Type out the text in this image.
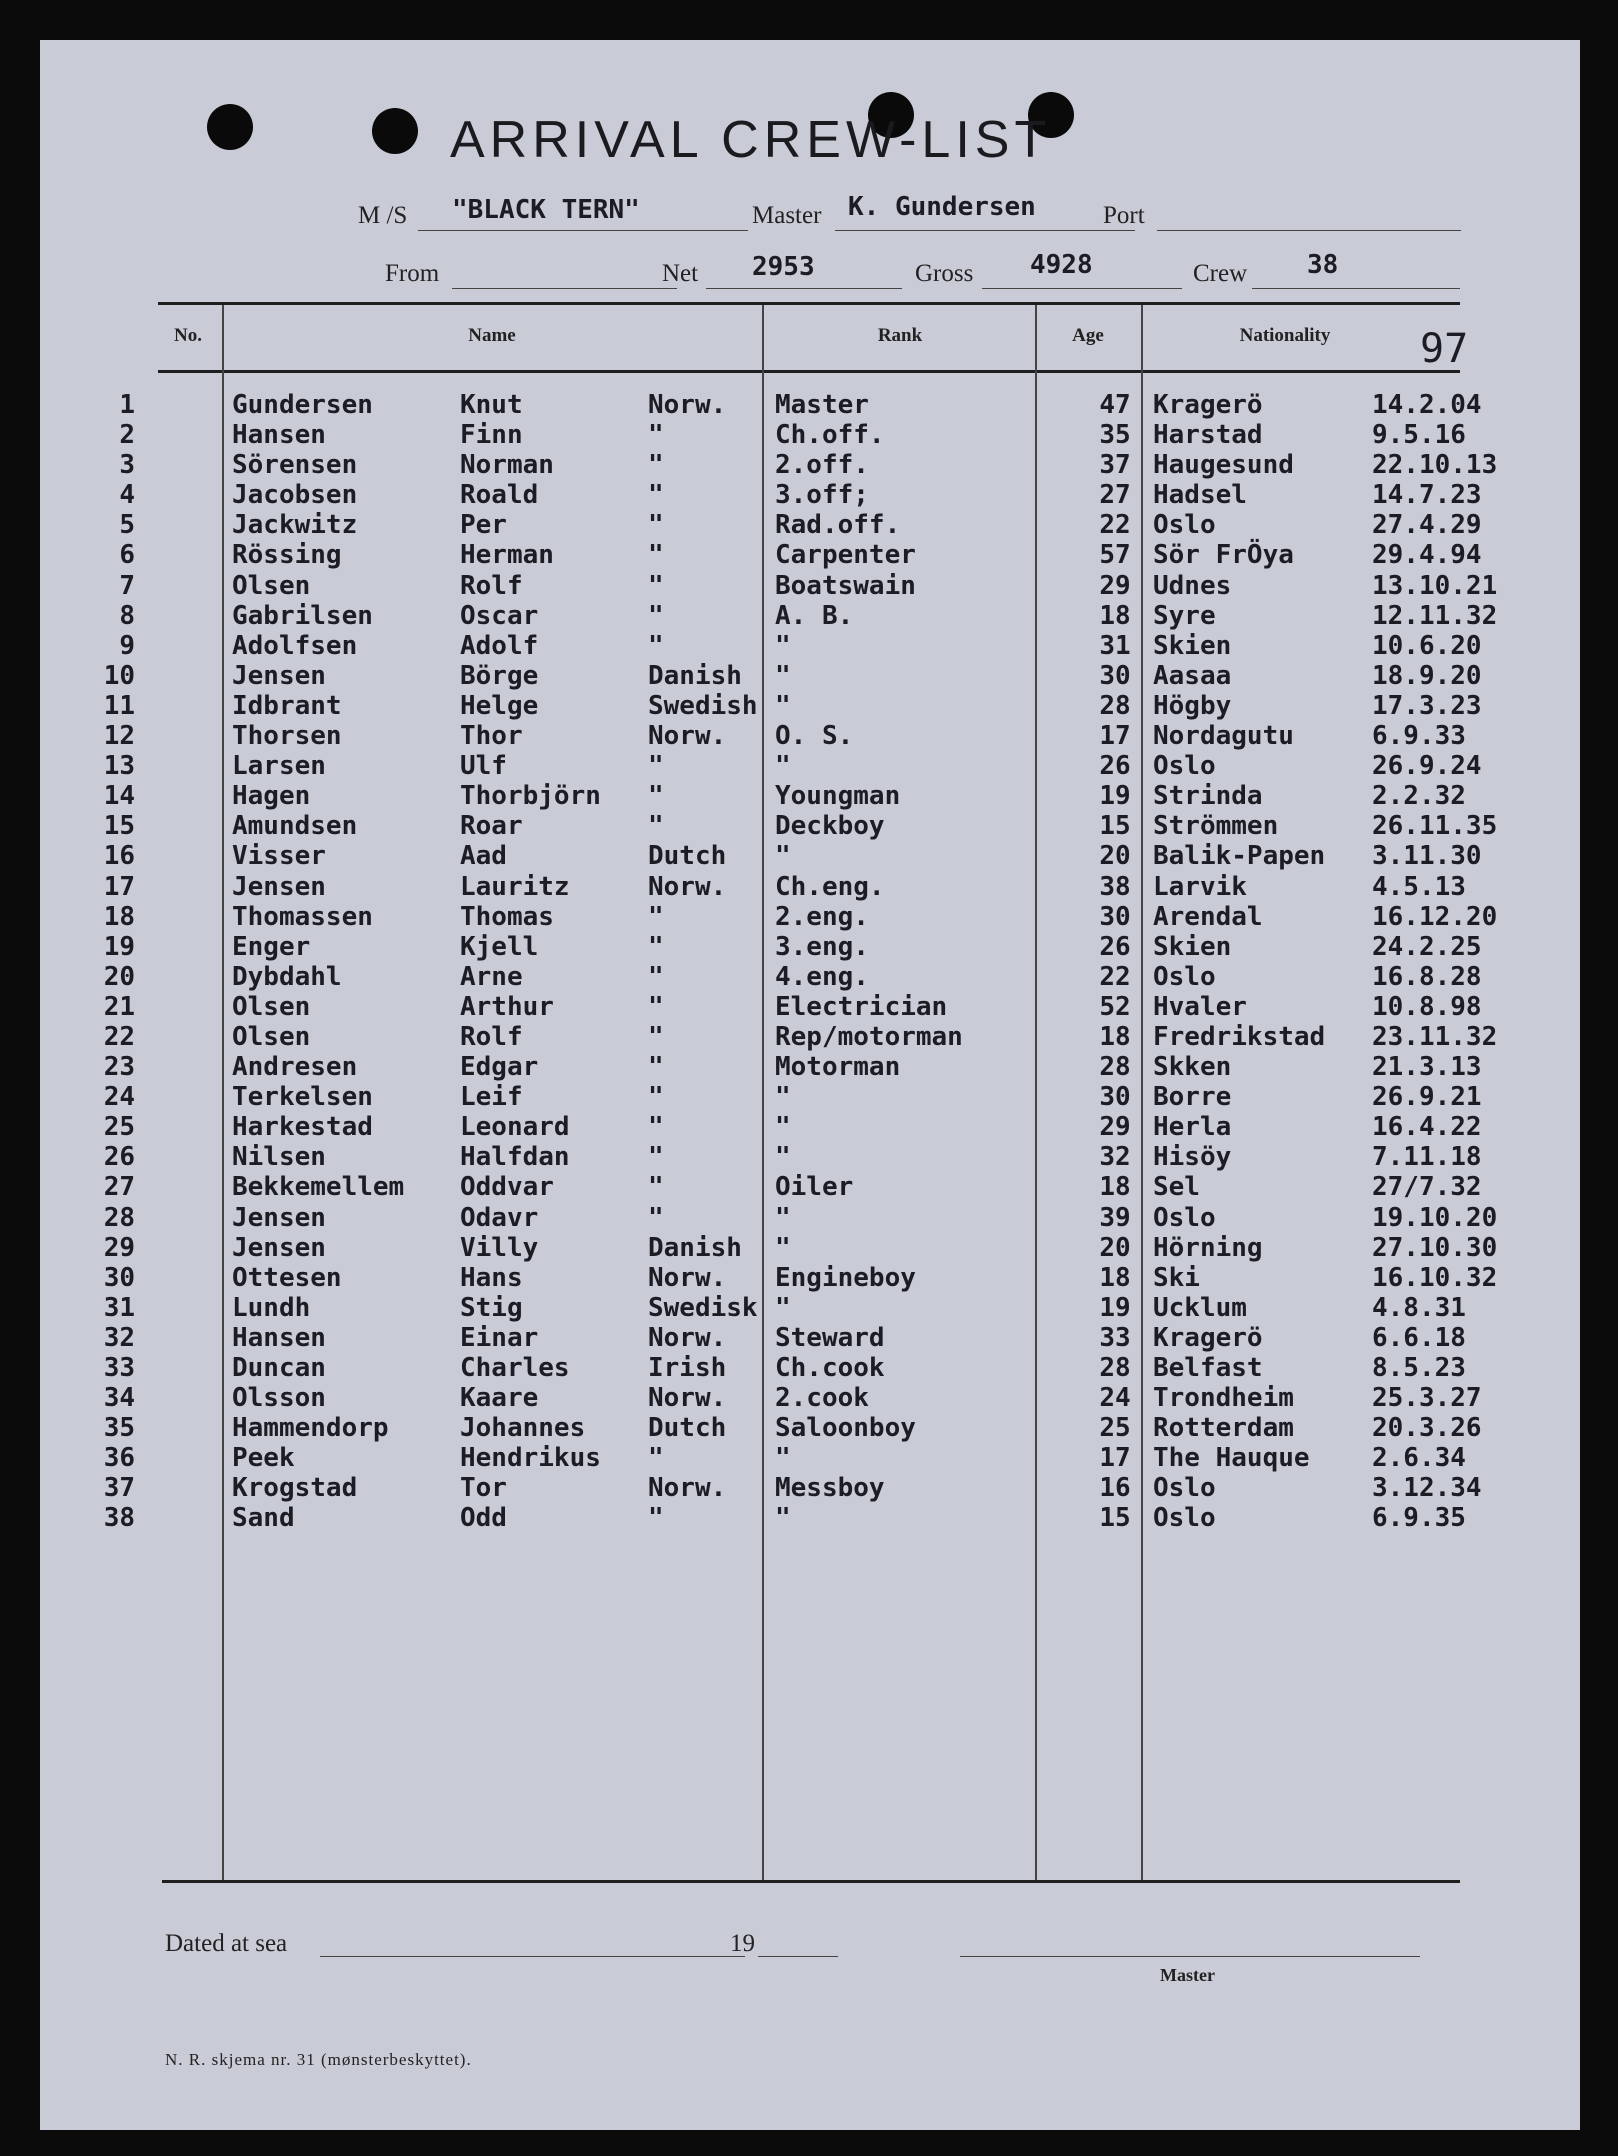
ARRIVAL CREW-LIST
M /S "BLACK TERN"	Master K. Gundersen	Port
From	Net 2953	Gross 4928	Crew 38
No.	Name	Rank	Age	Nationality 97
1	Gundersen	Knut	Norw. Master	47 Kragerö	14.2.04
2	Hansen	Finn	"	Ch.off.	35 Harstad	9.5.16
3	Sörensen	Norman	"	2.off.	37 Haugesund	22.10.13
4	Jacobsen	Roald	"	3.off;	27 Hadsel	14.7.23
5	Jackwitz	Per	"	Rad.off.	22 Oslo	27.4.29
6	Rössing	Herman	"	Carpenter	57 Sör FrÖya	29.4.94
7	Olsen	Rolf	"	Boatswain	29 Udnes	13.10.21
8	Gabrilsen	Oscar	"	A. B.	18 Syre	12.11.32
9	Adolfsen	Adolf	"	"	31 Skien	10.6.20
10	Jensen	Börge	Danish "	30 Aasaa	18.9.20
11	Idbrant	Helge	Swedish "	28 Högby	17.3.23
12	Thorsen	Thor	Norw. O. S.	17 Nordagutu	6.9.33
13	Larsen	Ulf	"	"	26 Oslo	26.9.24
14	Hagen	Thorbjörn "	Youngman	19 Strinda	2.2.32
15	Amundsen	Roar	"	Deckboy	15 Strömmen	26.11.35
16	Visser	Aad	Dutch "	20 Balik-Papen 3.11.30
17	Jensen	Lauritz	Norw. Ch.eng.	38 Larvik	4.5.13
18	Thomassen	Thomas	"	2.eng.	30 Arendal	16.12.20
19	Enger	Kjell	"	3.eng.	26 Skien	24.2.25
20	Dybdahl	Arne	"	4.eng.	22 Oslo	16.8.28
21	Olsen	Arthur	"	Electrician	52 Hvaler	10.8.98
22	Olsen	Rolf	"	Rep/motorman	18 Fredrikstad 23.11.32
23	Andresen	Edgar	"	Motorman	28 Skken	21.3.13
24	Terkelsen	Leif	"	"	30 Borre	26.9.21
25	Harkestad	Leonard	"	"	29 Herla	16.4.22
26	Nilsen	Halfdan	"	"	32 Hisöy	7.11.18
27	Bekkemellem Oddvar	"	Oiler	18 Sel	27/7.32
28	Jensen	Odavr	"	"	39 Oslo	19.10.20
29	Jensen	Villy	Danish "	20 Hörning	27.10.30
30	Ottesen	Hans	Norw. Engineboy	18 Ski	16.10.32
31	Lundh	Stig	Swedisk "	19 Ucklum	4.8.31
32	Hansen	Einar	Norw. Steward	33 Kragerö	6.6.18
33	Duncan	Charles	Irish Ch.cook	28 Belfast	8.5.23
34	Olsson	Kaare	Norw. 2.cook	24 Trondheim	25.3.27
35	Hammendorp	Johannes Dutch Saloonboy	25 Rotterdam	20.3.26
36	Peek	Hendrikus "	"	17 The Hauque 2.6.34
37	Krogstad	Tor	Norw. Messboy	16 Oslo	3.12.34
38	Sand	Odd	"	"	15 Oslo	6.9.35
Dated at sea	19
Master
N. R. skjema nr. 31 (mønsterbeskyttet).
